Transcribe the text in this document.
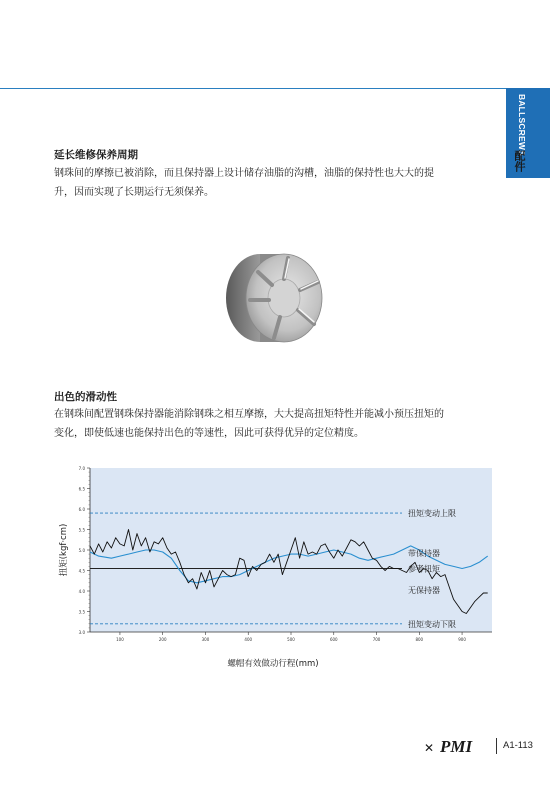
BALLSCREWS
配件
延长维修保养周期
钢珠间的摩擦已被消除，而且保持器上设计储存油脂的沟槽，油脂的保持性也大大的提
升，因而实现了长期运行无须保养。
出色的滑动性
在钢珠间配置钢珠保持器能消除钢珠之相互摩擦，大大提高扭矩特性并能减小预压扭矩的
变化，即使低速也能保持出色的等速性，因此可获得优异的定位精度。
7.0
6.5
6.0
5.5
5.0
4.5
4.0
3.5
3.0
100	200	300	400	500	600	700	800	900
扭矩变动上限
带保持器
参考扭矩
无保持器
扭矩变动下限
扭矩(kgf·cm)
螺帽有效做动行程(mm)
✕ PMI	A1-113
